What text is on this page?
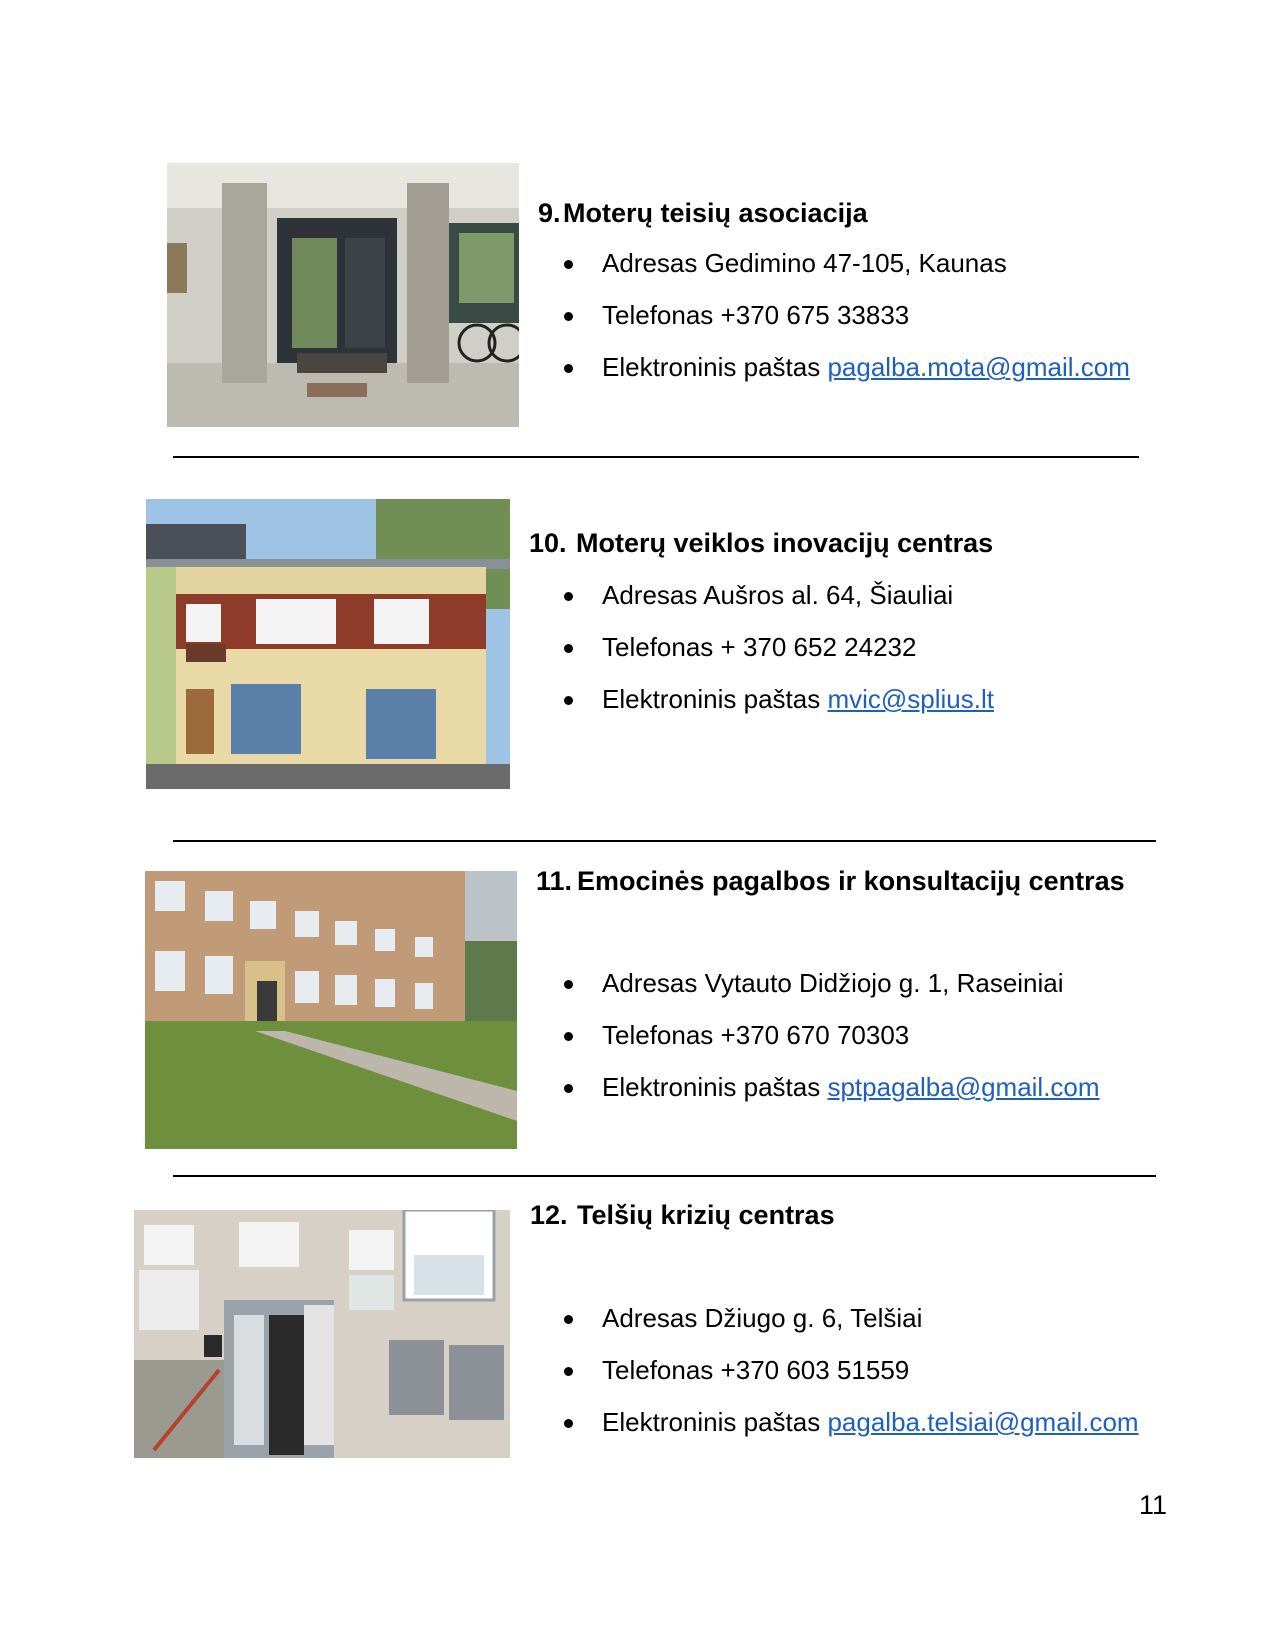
9.Moterų teisių asociacija
Adresas Gedimino 47-105, Kaunas
Telefonas +370 675 33833
Elektroninis paštas pagalba.mota@gmail.com
10. Moterų veiklos inovacijų centras
Adresas Aušros al. 64, Šiauliai
Telefonas + 370 652 24232
Elektroninis paštas mvic@splius.lt
11. Emocinės pagalbos ir konsultacijų centras
Adresas Vytauto Didžiojo g. 1, Raseiniai
Telefonas +370 670 70303
Elektroninis paštas sptpagalba@gmail.com
12. Telšių krizių centras
Adresas Džiugo g. 6, Telšiai
Telefonas +370 603 51559
Elektroninis paštas pagalba.telsiai@gmail.com
11
